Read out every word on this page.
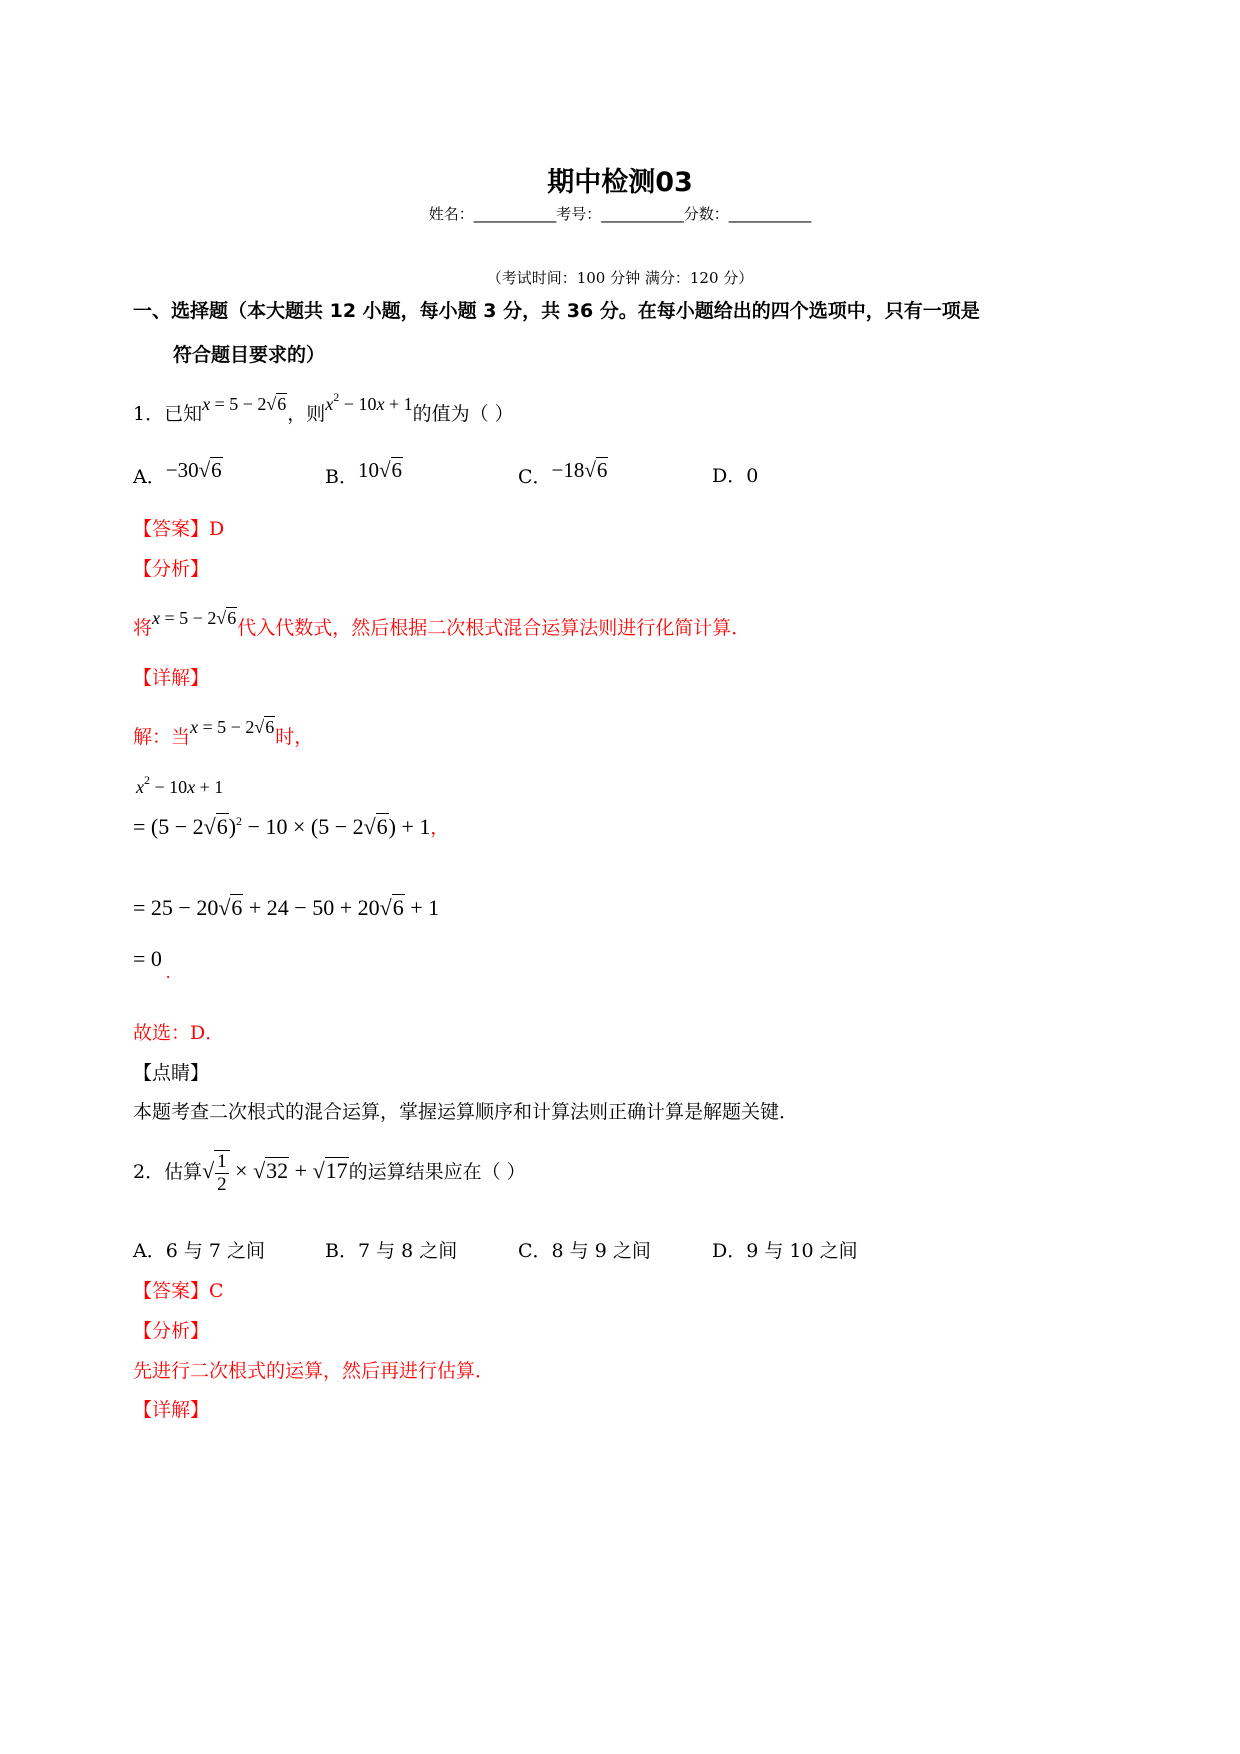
期中检测03
姓名：___________考号：___________分数：___________
（考试时间：100 分钟 满分：120 分）
一、选择题（本大题共 12 小题，每小题 3 分，共 36 分。在每小题给出的四个选项中，只有一项是
符合题目要求的）
1．已知x = 5 − 2√6，则$x^2 - 10x + 1$的值为（ ）
A．−30√6	B．10√6	C．−18√6	D．0
【答案】D
【分析】
将x = 5 − 2√6代入代数式，然后根据二次根式混合运算法则进行化简计算．
【详解】
解：当x = 5 − 2√6时，
$x^2 - 10x + 1$
= $(5 - 2√6)^2 - 10 \times (5 - 2√6) + 1$，
= 25 − 20√6 + 24 − 50 + 20√6 + 1
= $0_.$
故选：D．
【点睛】
本题考查二次根式的混合运算，掌握运算顺序和计算法则正确计算是解题关键．
2．估算√ $\frac{1}{2} \times √32 + √17$的运算结果应在（ ）
A．6 与 7 之间	B．7 与 8 之间	C．8 与 9 之间	D．9 与 10 之间
【答案】C
【分析】
先进行二次根式的运算，然后再进行估算．
【详解】
